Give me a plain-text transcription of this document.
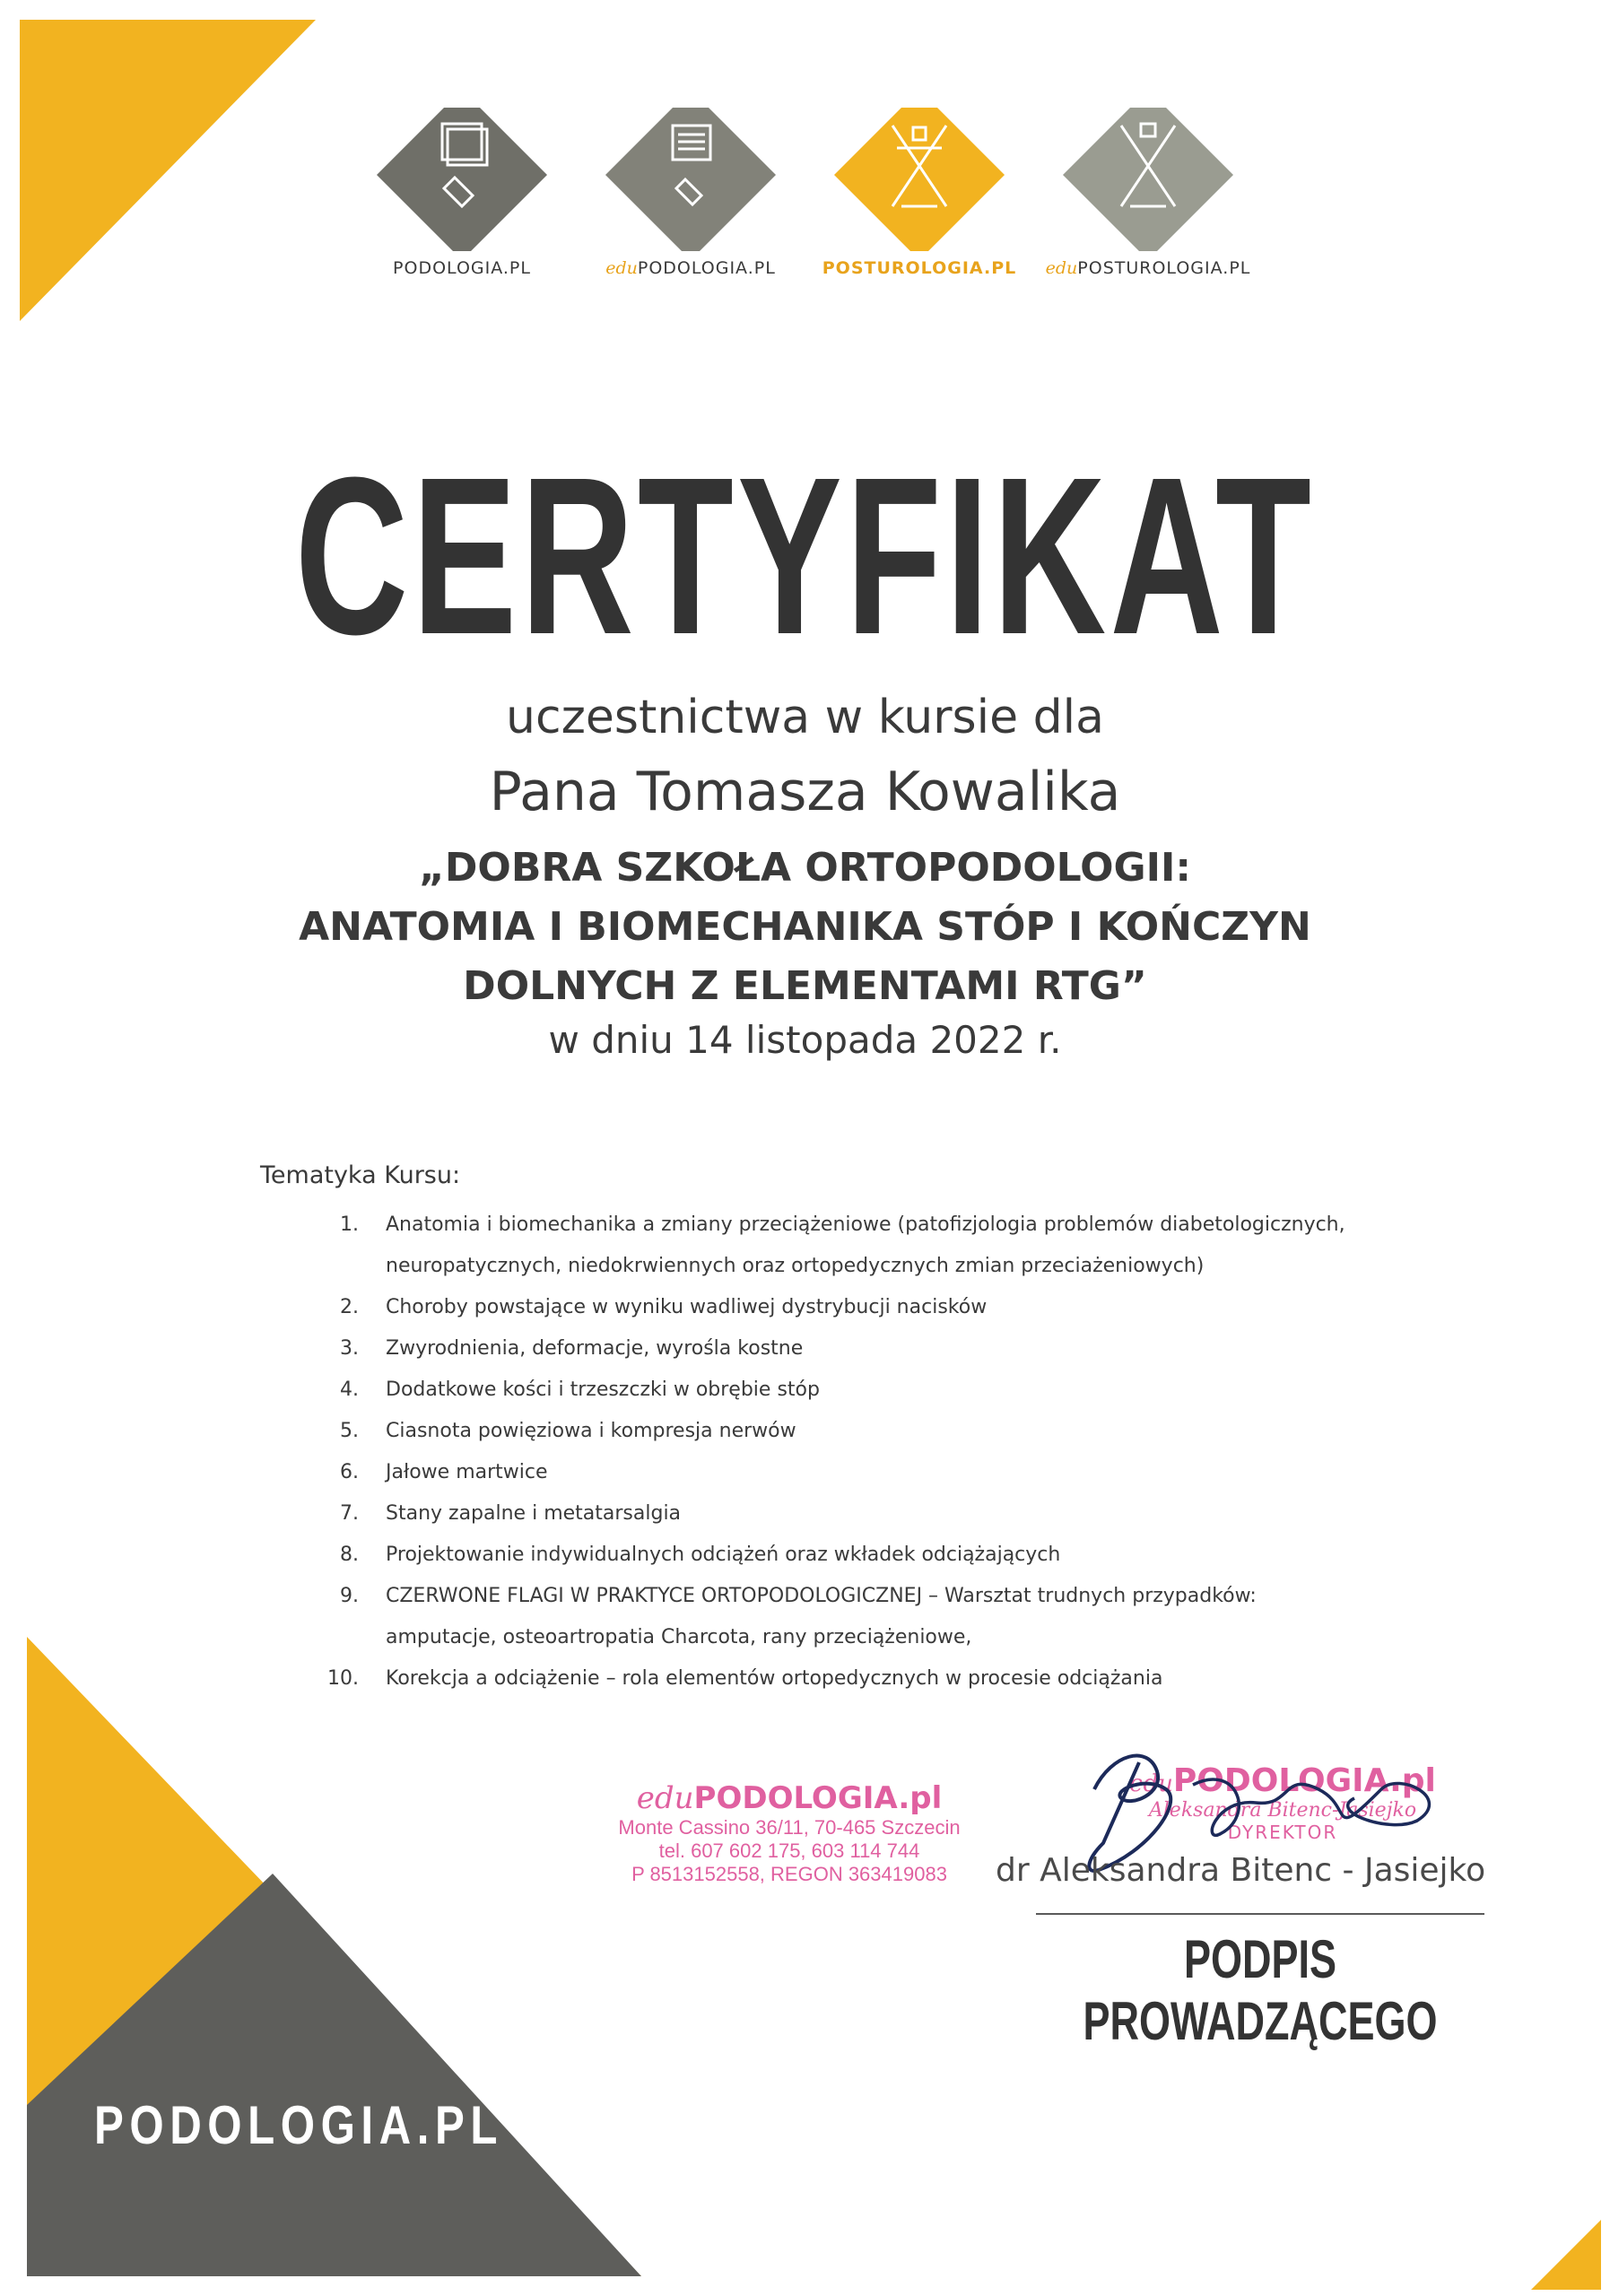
PODOLOGIA.PL	eduPODOLOGIA.PL	POSTUROLOGIA.PL	eduPOSTUROLOGIA.PL
CERTYFIKAT
uczestnictwa w kursie dla
Pana Tomasza Kowalika
„DOBRA SZKOŁA ORTOPODOLOGII:
ANATOMIA I BIOMECHANIKA STÓP I KOŃCZYN
DOLNYCH Z ELEMENTAMI RTG”
w dniu 14 listopada 2022 r.
Tematyka Kursu:
1.	Anatomia i biomechanika a zmiany przeciążeniowe (patofizjologia problemów diabetologicznych,
neuropatycznych, niedokrwiennych oraz ortopedycznych zmian przeciażeniowych)
2.	Choroby powstające w wyniku wadliwej dystrybucji nacisków
3.	Zwyrodnienia, deformacje, wyrośla kostne
4.	Dodatkowe kości i trzeszczki w obrębie stóp
5.	Ciasnota powięziowa i kompresja nerwów
6.	Jałowe martwice
7.	Stany zapalne i metatarsalgia
8.	Projektowanie indywidualnych odciążeń oraz wkładek odciążających
9.	CZERWONE FLAGI W PRAKTYCE ORTOPODOLOGICZNEJ – Warsztat trudnych przypadków:
amputacje, osteoartropatia Charcota, rany przeciążeniowe,
10.	Korekcja a odciążenie – rola elementów ortopedycznych w procesie odciążania
eduPODOLOGIA.pl
Monte Cassino 36/11, 70-465 Szczecin
tel. 607 602 175, 603 114 744
P 8513152558, REGON 363419083
eduPODOLOGIA.pl
Aleksandra Bitenc-Jasiejko
DYREKTOR
dr Aleksandra Bitenc - Jasiejko
PODPIS PROWADZĄCEGO
PODOLOGIA.PL
